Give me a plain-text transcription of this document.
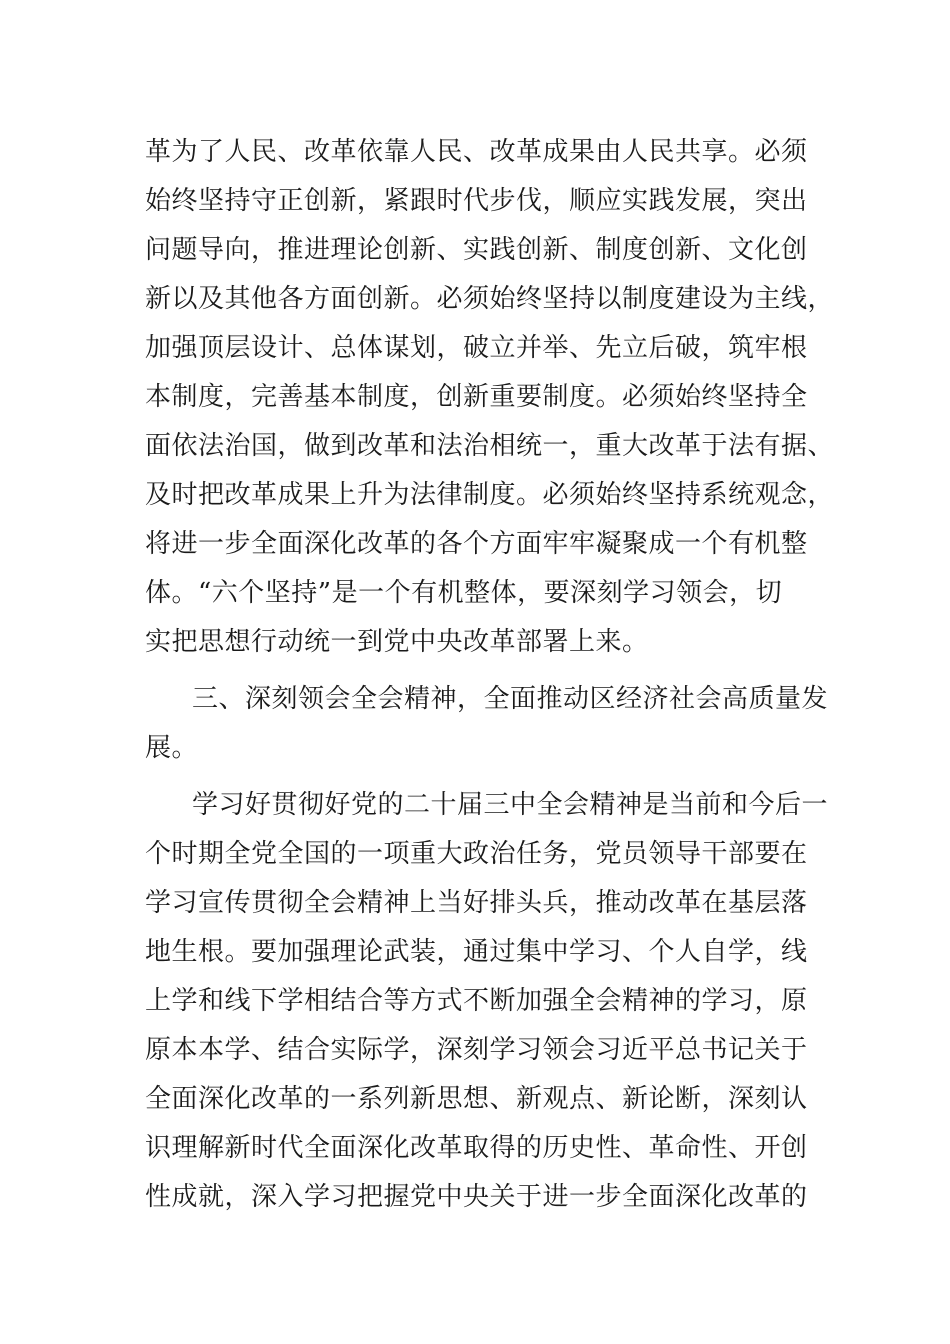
革为了人民、改革依靠人民、改革成果由人民共享。必须
始终坚持守正创新，紧跟时代步伐，顺应实践发展，突出
问题导向，推进理论创新、实践创新、制度创新、文化创
新以及其他各方面创新。必须始终坚持以制度建设为主线，
加强顶层设计、总体谋划，破立并举、先立后破，筑牢根
本制度，完善基本制度，创新重要制度。必须始终坚持全
面依法治国，做到改革和法治相统一，重大改革于法有据、
及时把改革成果上升为法律制度。必须始终坚持系统观念，
将进一步全面深化改革的各个方面牢牢凝聚成一个有机整
体。“六个坚持”是一个有机整体，要深刻学习领会，切
实把思想行动统一到党中央改革部署上来。
三、深刻领会全会精神，全面推动区经济社会高质量发
展。
学习好贯彻好党的二十届三中全会精神是当前和今后一
个时期全党全国的一项重大政治任务，党员领导干部要在
学习宣传贯彻全会精神上当好排头兵，推动改革在基层落
地生根。要加强理论武装，通过集中学习、个人自学，线
上学和线下学相结合等方式不断加强全会精神的学习，原
原本本学、结合实际学，深刻学习领会习近平总书记关于
全面深化改革的一系列新思想、新观点、新论断，深刻认
识理解新时代全面深化改革取得的历史性、革命性、开创
性成就，深入学习把握党中央关于进一步全面深化改革的
